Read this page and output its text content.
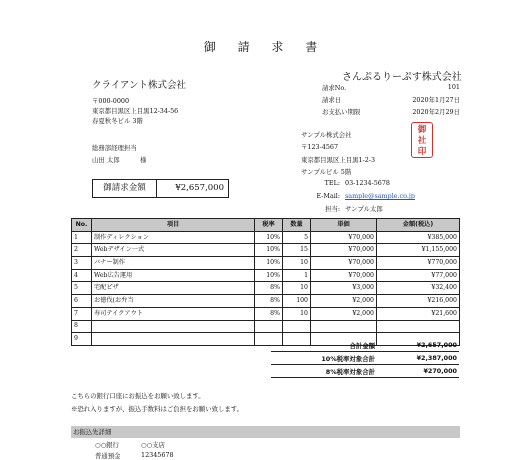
御 請 求 書
クライアント株式会社
〒000-0000
東京都目黒区上目黒12-34-56
春夏秋冬ビル 3階
総務部経理担当
山田 太郎	様
さんぷるりーぷす株式会社
請求No.	101
請求日	2020年1月27日
お支払い期限	2020年2月29日
サンプル株式会社
〒123-4567
東京都目黒区上目黒1-2-3
サンプルビル 5階
TEL: 03-1234-5678
E-Mail: sample@sample.co.jp
担当: サンプル太郎
御
社
印
御請求金額	¥2,657,000
No.	項目	税率	数量	単価	金額(税込)
1	制作ディレクション	10%	5	¥70,000	¥385,000
2	Webデザイン一式	10%	15	¥70,000	¥1,155,000
3	バナー制作	10%	10	¥70,000	¥770,000
4	Web広告運用	10%	1	¥70,000	¥77,000
5	宅配ピザ	8%	10	¥3,000	¥32,400
6	お徳伐(お弁当	8%	100	¥2,000	¥216,000
7	寿司テイクアウト	8%	10	¥2,000	¥21,600
8					
9					
合計金額	¥2,657,000
10%税率対象合計	¥2,387,000
8%税率対象合計	¥270,000
こちらの銀行口座にお振込をお願い致します。
※恐れ入りますが、振込手数料はご負担をお願い致します。
お振込先詳細
○○銀行	○○支店
普通預金	12345678
